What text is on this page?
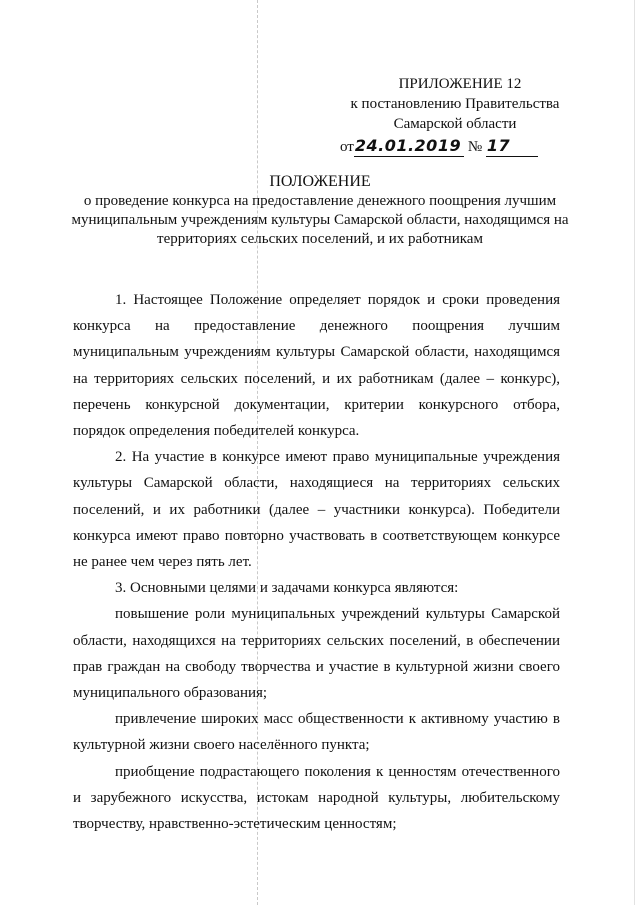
ПРИЛОЖЕНИЕ 12
к постановлению Правительства
Самарской области
от24.01.2019 № 17
ПОЛОЖЕНИЕ
о проведение конкурса на предоставление денежного поощрения лучшим муниципальным учреждениям культуры Самарской области, находящимся на территориях сельских поселений, и их работникам

1. Настоящее Положение определяет порядок и сроки проведения конкурса на предоставление денежного поощрения лучшим муниципальным учреждениям культуры Самарской области, находящимся на территориях сельских поселений, и их работникам (далее – конкурс), перечень конкурсной документации, критерии конкурсного отбора, порядок определения победителей конкурса.

2. На участие в конкурсе имеют право муниципальные учреждения культуры Самарской области, находящиеся на территориях сельских поселений, и их работники (далее – участники конкурса). Победители конкурса имеют право повторно участвовать в соответствующем конкурсе не ранее чем через пять лет.

3. Основными целями и задачами конкурса являются:

повышение роли муниципальных учреждений культуры Самарской области, находящихся на территориях сельских поселений, в обеспечении прав граждан на свободу творчества и участие в культурной жизни своего муниципального образования;

привлечение широких масс общественности к активному участию в культурной жизни своего населённого пункта;

приобщение подрастающего поколения к ценностям отечественного и зарубежного искусства, истокам народной культуры, любительскому творчеству, нравственно-эстетическим ценностям;
